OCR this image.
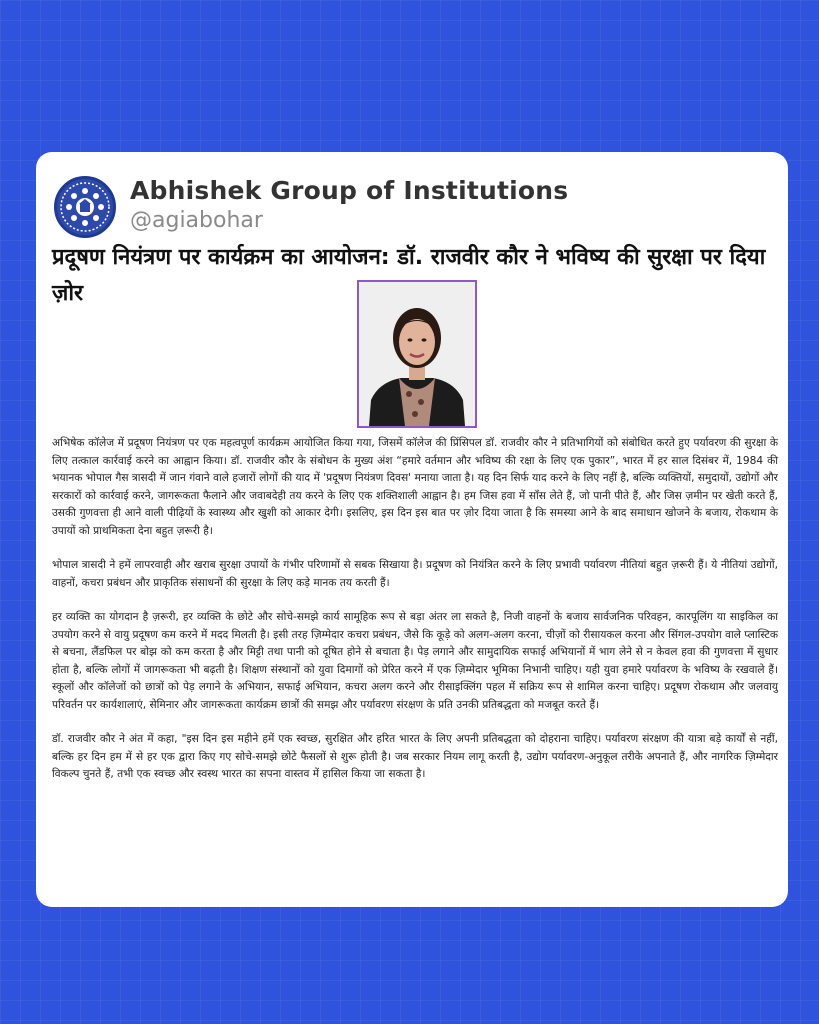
Abhishek Group of Institutions
@agiabohar
प्रदूषण नियंत्रण पर कार्यक्रम का आयोजन: डॉ. राजवीर कौर ने भविष्य की सुरक्षा पर दिया ज़ोर

अभिषेक कॉलेज में प्रदूषण नियंत्रण पर एक महत्वपूर्ण कार्यक्रम आयोजित किया गया, जिसमें कॉलेज की प्रिंसिपल डॉ. राजवीर कौर ने प्रतिभागियों को संबोधित करते हुए पर्यावरण की सुरक्षा के लिए तत्काल कार्रवाई करने का आह्वान किया। डॉ. राजवीर कौर के संबोधन के मुख्य अंश “हमारे वर्तमान और भविष्य की रक्षा के लिए एक पुकार”, भारत में हर साल दिसंबर में, 1984 की भयानक भोपाल गैस त्रासदी में जान गंवाने वाले हजारों लोगों की याद में 'प्रदूषण नियंत्रण दिवस' मनाया जाता है। यह दिन सिर्फ याद करने के लिए नहीं है, बल्कि व्यक्तियों, समुदायों, उद्योगों और सरकारों को कार्रवाई करने, जागरूकता फैलाने और जवाबदेही तय करने के लिए एक शक्तिशाली आह्वान है। हम जिस हवा में साँस लेते हैं, जो पानी पीते हैं, और जिस ज़मीन पर खेती करते हैं, उसकी गुणवत्ता ही आने वाली पीढ़ियों के स्वास्थ्य और खुशी को आकार देगी। इसलिए, इस दिन इस बात पर ज़ोर दिया जाता है कि समस्या आने के बाद समाधान खोजने के बजाय, रोकथाम के उपायों को प्राथमिकता देना बहुत ज़रूरी है।

भोपाल त्रासदी ने हमें लापरवाही और खराब सुरक्षा उपायों के गंभीर परिणामों से सबक सिखाया है। प्रदूषण को नियंत्रित करने के लिए प्रभावी पर्यावरण नीतियां बहुत ज़रूरी हैं। ये नीतियां उद्योगों, वाहनों, कचरा प्रबंधन और प्राकृतिक संसाधनों की सुरक्षा के लिए कड़े मानक तय करती हैं।

हर व्यक्ति का योगदान है ज़रूरी, हर व्यक्ति के छोटे और सोचे-समझे कार्य सामूहिक रूप से बड़ा अंतर ला सकते है, निजी वाहनों के बजाय सार्वजनिक परिवहन, कारपूलिंग या साइकिल का उपयोग करने से वायु प्रदूषण कम करने में मदद मिलती है। इसी तरह ज़िम्मेदार कचरा प्रबंधन, जैसे कि कूड़े को अलग-अलग करना, चीज़ों को रीसायकल करना और सिंगल-उपयोग वाले प्लास्टिक से बचना, लैंडफिल पर बोझ को कम करता है और मिट्टी तथा पानी को दूषित होने से बचाता है। पेड़ लगाने और सामुदायिक सफाई अभियानों में भाग लेने से न केवल हवा की गुणवत्ता में सुधार होता है, बल्कि लोगों में जागरूकता भी बढ़ती है। शिक्षण संस्थानों को युवा दिमागों को प्रेरित करने में एक ज़िम्मेदार भूमिका निभानी चाहिए। यही युवा हमारे पर्यावरण के भविष्य के रखवाले हैं। स्कूलों और कॉलेजों को छात्रों को पेड़ लगाने के अभियान, सफाई अभियान, कचरा अलग करने और रीसाइक्लिंग पहल में सक्रिय रूप से शामिल करना चाहिए। प्रदूषण रोकथाम और जलवायु परिवर्तन पर कार्यशालाएं, सेमिनार और जागरूकता कार्यक्रम छात्रों की समझ और पर्यावरण संरक्षण के प्रति उनकी प्रतिबद्धता को मजबूत करते हैं।

डॉ. राजवीर कौर ने अंत में कहा, "इस दिन इस महीने हमें एक स्वच्छ, सुरक्षित और हरित भारत के लिए अपनी प्रतिबद्धता को दोहराना चाहिए। पर्यावरण संरक्षण की यात्रा बड़े कार्यों से नहीं, बल्कि हर दिन हम में से हर एक द्वारा किए गए सोचे-समझे छोटे फैसलों से शुरू होती है। जब सरकार नियम लागू करती है, उद्योग पर्यावरण-अनुकूल तरीके अपनाते हैं, और नागरिक ज़िम्मेदार विकल्प चुनते हैं, तभी एक स्वच्छ और स्वस्थ भारत का सपना वास्तव में हासिल किया जा सकता है।
